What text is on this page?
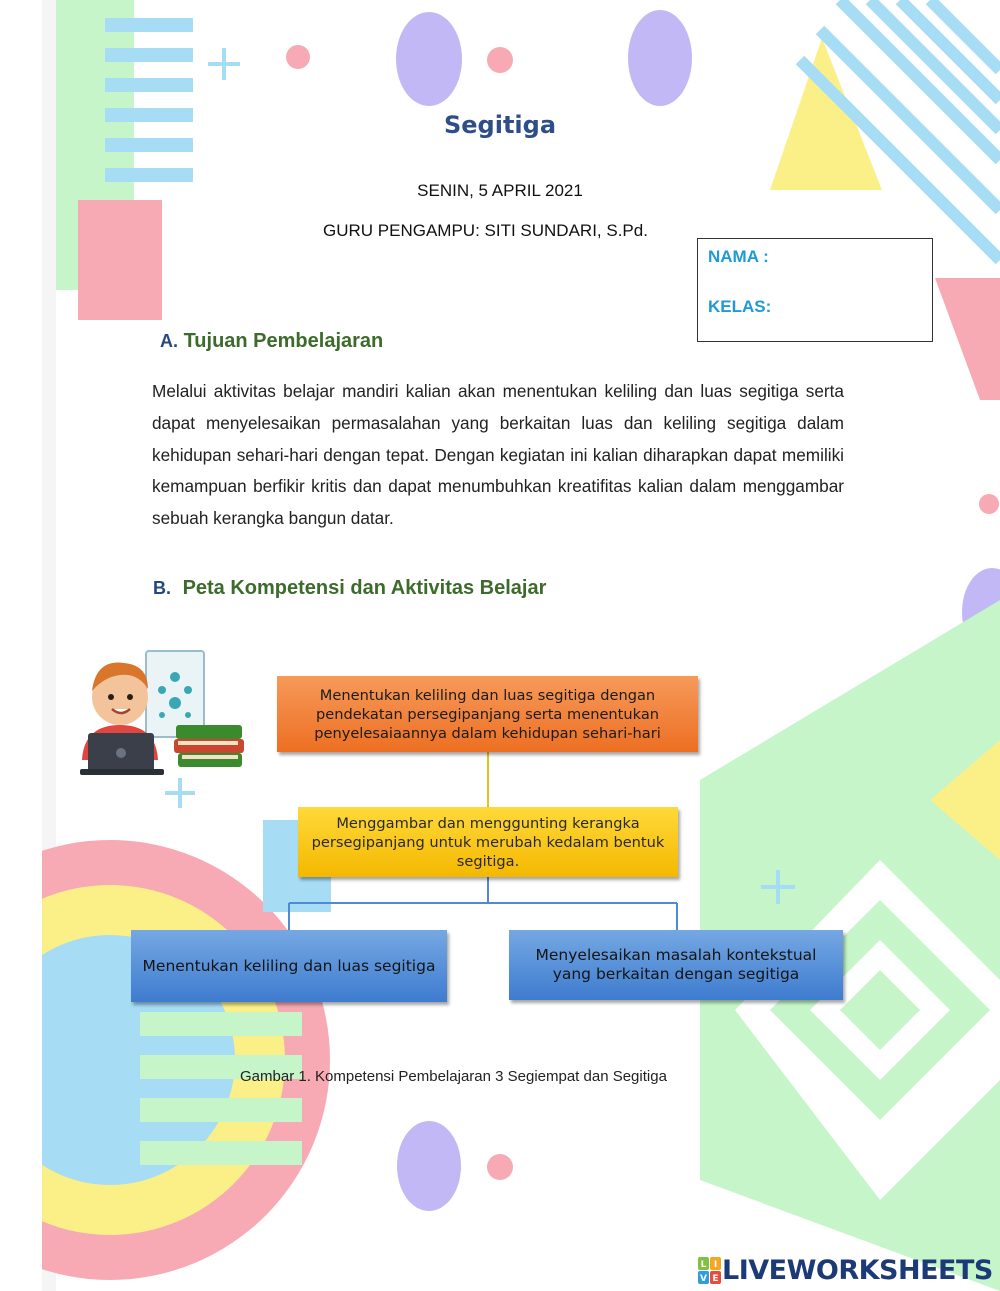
Segitiga
SENIN, 5 APRIL 2021
GURU PENGAMPU: SITI SUNDARI, S.Pd.
NAMA :
KELAS:
A. Tujuan Pembelajaran
Melalui aktivitas belajar mandiri kalian akan menentukan keliling dan luas segitiga serta dapat menyelesaikan permasalahan yang berkaitan luas dan keliling segitiga dalam kehidupan sehari-hari dengan tepat. Dengan kegiatan ini kalian diharapkan dapat memiliki kemampuan berfikir kritis dan dapat menumbuhkan kreatifitas kalian dalam menggambar sebuah kerangka bangun datar.
B. Peta Kompetensi dan Aktivitas Belajar
Menentukan keliling dan luas segitiga dengan pendekatan persegipanjang serta menentukan penyelesaiaannya dalam kehidupan sehari-hari
Menggambar dan menggunting kerangka persegipanjang untuk merubah kedalam bentuk segitiga.
Menentukan keliling dan luas segitiga
Menyelesaikan masalah kontekstual yang berkaitan dengan segitiga
Gambar 1. Kompetensi Pembelajaran 3 Segiempat dan Segitiga
L I
V E LIVEWORKSHEETS
